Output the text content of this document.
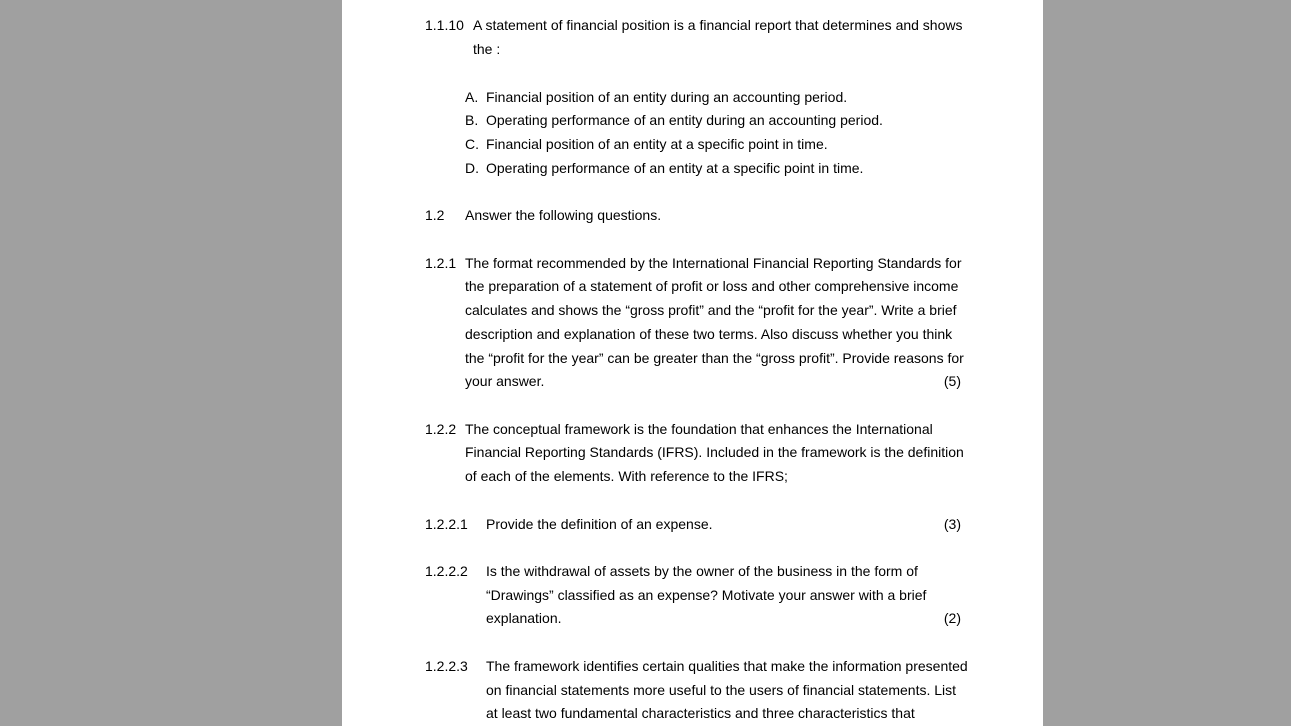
1.1.10 A statement of financial position is a financial report that determines and shows
the :
A. Financial position of an entity during an accounting period.
B. Operating performance of an entity during an accounting period.
C. Financial position of an entity at a specific point in time.
D. Operating performance of an entity at a specific point in time.
1.2 Answer the following questions.
1.2.1 The format recommended by the International Financial Reporting Standards for
the preparation of a statement of profit or loss and other comprehensive income
calculates and shows the “gross profit” and the “profit for the year”. Write a brief
description and explanation of these two terms. Also discuss whether you think
the “profit for the year” can be greater than the “gross profit”. Provide reasons for
your answer.	(5)
1.2.2 The conceptual framework is the foundation that enhances the International
Financial Reporting Standards (IFRS). Included in the framework is the definition
of each of the elements. With reference to the IFRS;
1.2.2.1 Provide the definition of an expense.	(3)
1.2.2.2 Is the withdrawal of assets by the owner of the business in the form of
“Drawings” classified as an expense? Motivate your answer with a brief
explanation.	(2)
1.2.2.3 The framework identifies certain qualities that make the information presented
on financial statements more useful to the users of financial statements. List
at least two fundamental characteristics and three characteristics that
